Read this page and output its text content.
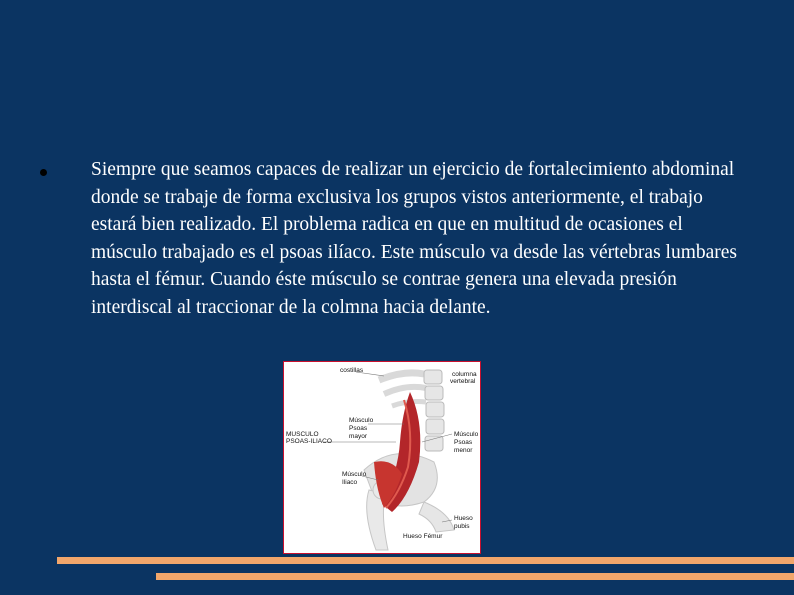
Siempre que seamos capaces de realizar un ejercicio de fortalecimiento abdominal donde se trabaje de forma exclusiva los grupos vistos anteriormente, el trabajo estará bien realizado. El problema radica en que en multitud de ocasiones el músculo trabajado es el psoas ilíaco. Este músculo va desde las vértebras lumbares hasta el fémur. Cuando éste músculo se contrae genera una elevada presión interdiscal al traccionar de la colmna hacia delante.
costillas
columna
vertebral
MUSCULO
PSOAS-ILIACO
Músculo
Psoas
mayor	Músculo
Psoas
menor
Músculo
Iliaco
Hueso
pubis
Hueso Fémur
